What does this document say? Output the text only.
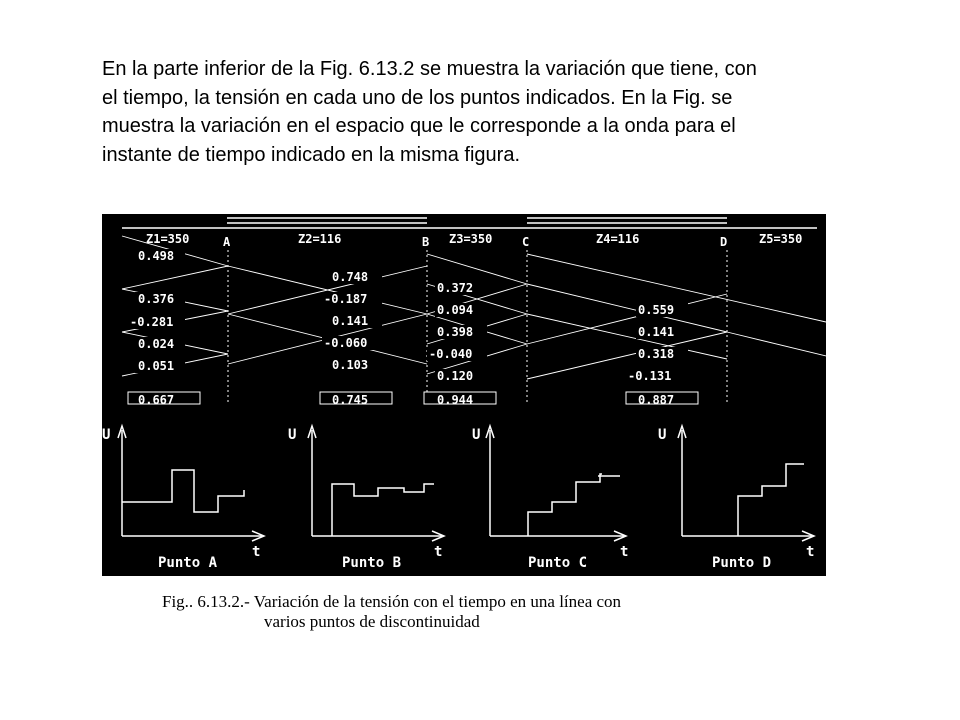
En la parte inferior de la Fig. 6.13.2 se muestra la variación que tiene, con
el tiempo, la tensión en cada uno de los puntos indicados. En la Fig. se
muestra la variación en el espacio que le corresponde a la onda para el
instante de tiempo indicado en la misma figura.

Z1=350	Z2=116	Z3=350	Z4=116	Z5=350
A	B	C	D
0.498
0.376
-0.281
0.024
0.051
0.748
-0.187
0.141
-0.060
0.103
0.372
0.094
0.398
-0.040
0.120
0.559
0.141
0.318
-0.131
0.667	0.745	0.944	0.887
U	U	U	U
t	t	t	t
Punto A	Punto B	Punto C	Punto D
Fig.. 6.13.2.- Variación de la tensión con el tiempo en una línea con
varios puntos de discontinuidad
